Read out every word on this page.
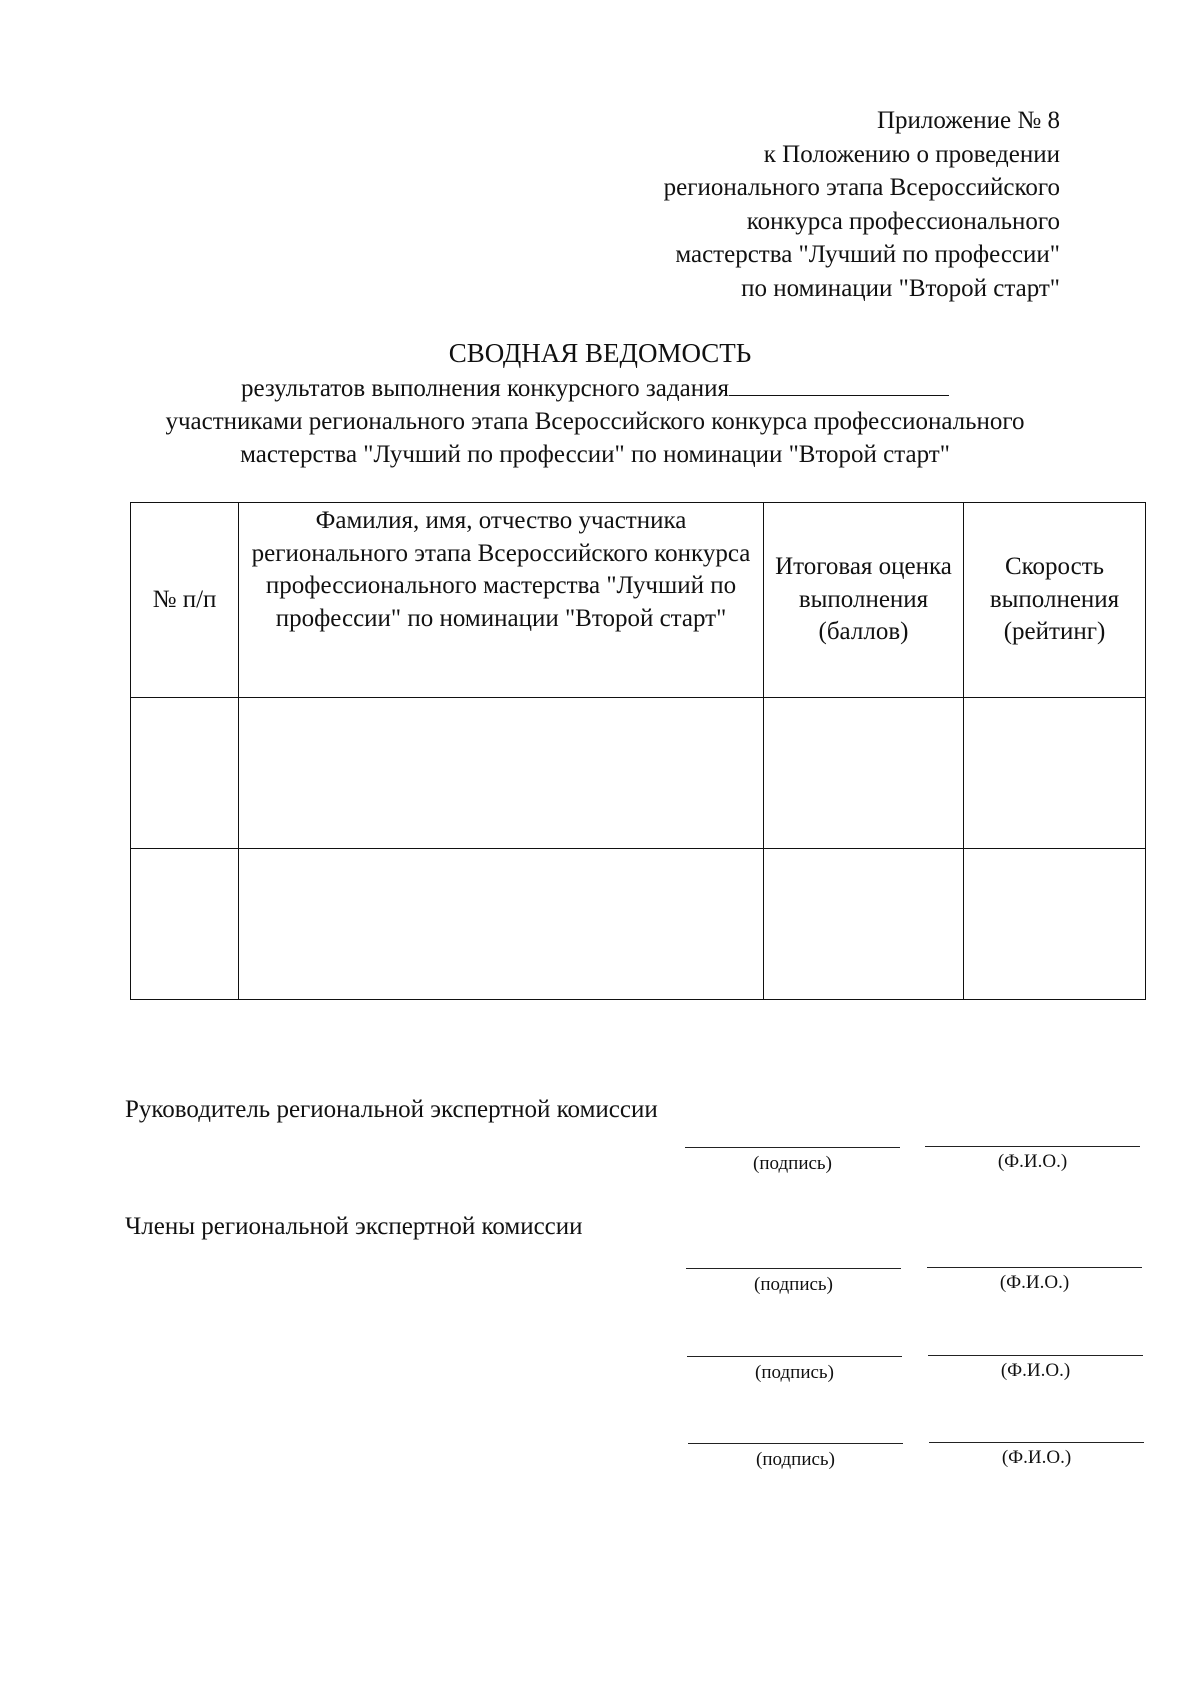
Приложение № 8
к Положению о проведении
регионального этапа Всероссийского
конкурса профессионального
мастерства "Лучший по профессии"
по номинации "Второй старт"
СВОДНАЯ ВЕДОМОСТЬ
результатов выполнения конкурсного задания
участниками регионального этапа Всероссийского конкурса профессионального
мастерства "Лучший по профессии" по номинации "Второй старт"
№ п/п	Фамилия, имя, отчество участника регионального этапа Всероссийского конкурса профессионального мастерства "Лучший по профессии" по номинации "Второй старт"	Итоговая оценка выполнения (баллов)	Скорость выполнения (рейтинг)

Руководитель региональной экспертной комиссии
(подпись)	(Ф.И.О.)
Члены региональной экспертной комиссии
(подпись)	(Ф.И.О.)
(подпись)	(Ф.И.О.)
(подпись)	(Ф.И.О.)
